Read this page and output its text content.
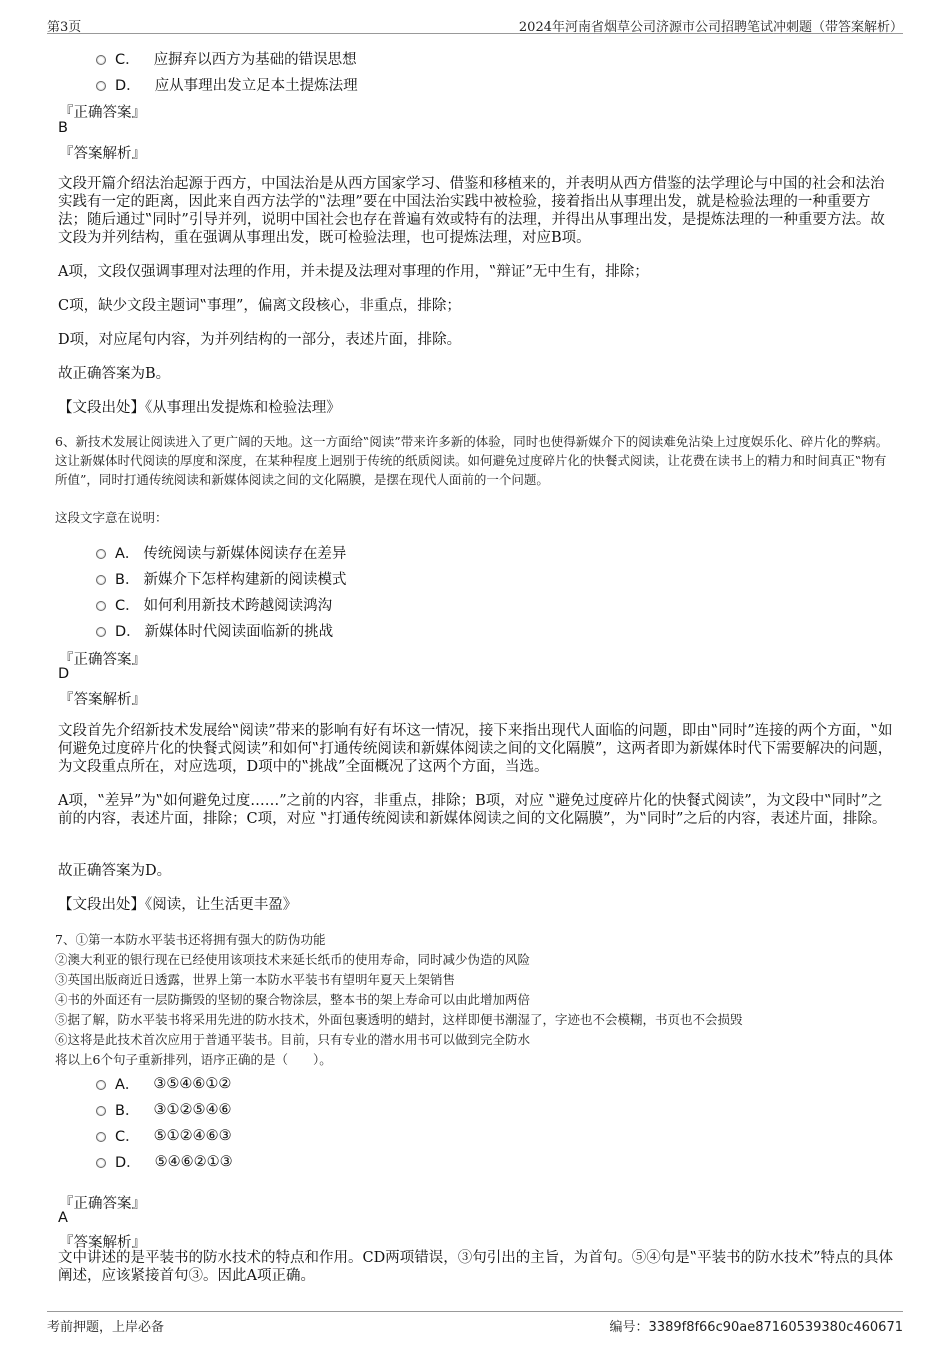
第3页	2024年河南省烟草公司济源市公司招聘笔试冲刺题（带答案解析）
C． 应摒弃以西方为基础的错误思想
D． 应从事理出发立足本土提炼法理
『正确答案』
B
『答案解析』
文段开篇介绍法治起源于西方，中国法治是从西方国家学习、借鉴和移植来的，并表明从西方借鉴的法学理论与中国的社会和法治实践有一定的距离，因此来自西方法学的‟法理”要在中国法治实践中被检验，接着指出从事理出发，就是检验法理的一种重要方法；随后通过‟同时”引导并列，说明中国社会也存在普遍有效或特有的法理，并得出从事理出发，是提炼法理的一种重要方法。故文段为并列结构，重在强调从事理出发，既可检验法理，也可提炼法理，对应B项。
A项，文段仅强调事理对法理的作用，并未提及法理对事理的作用，‟辩证”无中生有，排除；
C项，缺少文段主题词‟事理”，偏离文段核心，非重点，排除；
D项，对应尾句内容，为并列结构的一部分，表述片面，排除。
故正确答案为B。
【文段出处】《从事理出发提炼和检验法理》
6、新技术发展让阅读进入了更广阔的天地。这一方面给‟阅读”带来许多新的体验，同时也使得新媒介下的阅读难免沾染上过度娱乐化、碎片化的弊病。这让新媒体时代阅读的厚度和深度，在某种程度上迥别于传统的纸质阅读。如何避免过度碎片化的快餐式阅读，让花费在读书上的精力和时间真正‟物有所值”，同时打通传统阅读和新媒体阅读之间的文化隔膜，是摆在现代人面前的一个问题。
这段文字意在说明：
A． 传统阅读与新媒体阅读存在差异
B． 新媒介下怎样构建新的阅读模式
C． 如何利用新技术跨越阅读鸿沟
D． 新媒体时代阅读面临新的挑战
『正确答案』
D
『答案解析』
文段首先介绍新技术发展给‟阅读”带来的影响有好有坏这一情况，接下来指出现代人面临的问题，即由‟同时”连接的两个方面，‟如何避免过度碎片化的快餐式阅读”和如何‟打通传统阅读和新媒体阅读之间的文化隔膜”，这两者即为新媒体时代下需要解决的问题，为文段重点所在，对应选项，D项中的‟挑战”全面概况了这两个方面，当选。
A项，‟差异”为‟如何避免过度……”之前的内容，非重点，排除；B项，对应 ‟避免过度碎片化的快餐式阅读”，为文段中‟同时”之前的内容，表述片面，排除；C项，对应 ‟打通传统阅读和新媒体阅读之间的文化隔膜”，为‟同时”之后的内容，表述片面，排除。
故正确答案为D。
【文段出处】《阅读，让生活更丰盈》
7、①第一本防水平装书还将拥有强大的防伪功能
②澳大利亚的银行现在已经使用该项技术来延长纸币的使用寿命，同时减少伪造的风险
③英国出版商近日透露，世界上第一本防水平装书有望明年夏天上架销售
④书的外面还有一层防撕毁的坚韧的聚合物涂层，整本书的架上寿命可以由此增加两倍
⑤据了解，防水平装书将采用先进的防水技术，外面包裹透明的蜡封，这样即便书潮湿了，字迹也不会模糊，书页也不会损毁
⑥这将是此技术首次应用于普通平装书。目前，只有专业的潜水用书可以做到完全防水
将以上6个句子重新排列，语序正确的是（　　）。
A． ③⑤④⑥①②
B． ③①②⑤④⑥
C． ⑤①②④⑥③
D． ⑤④⑥②①③
『正确答案』
A
『答案解析』
文中讲述的是平装书的防水技术的特点和作用。CD两项错误，③句引出的主旨，为首句。⑤④句是‟平装书的防水技术”特点的具体阐述，应该紧接首句③。因此A项正确。
考前押题，上岸必备	编号：3389f8f66c90ae87160539380c460671
